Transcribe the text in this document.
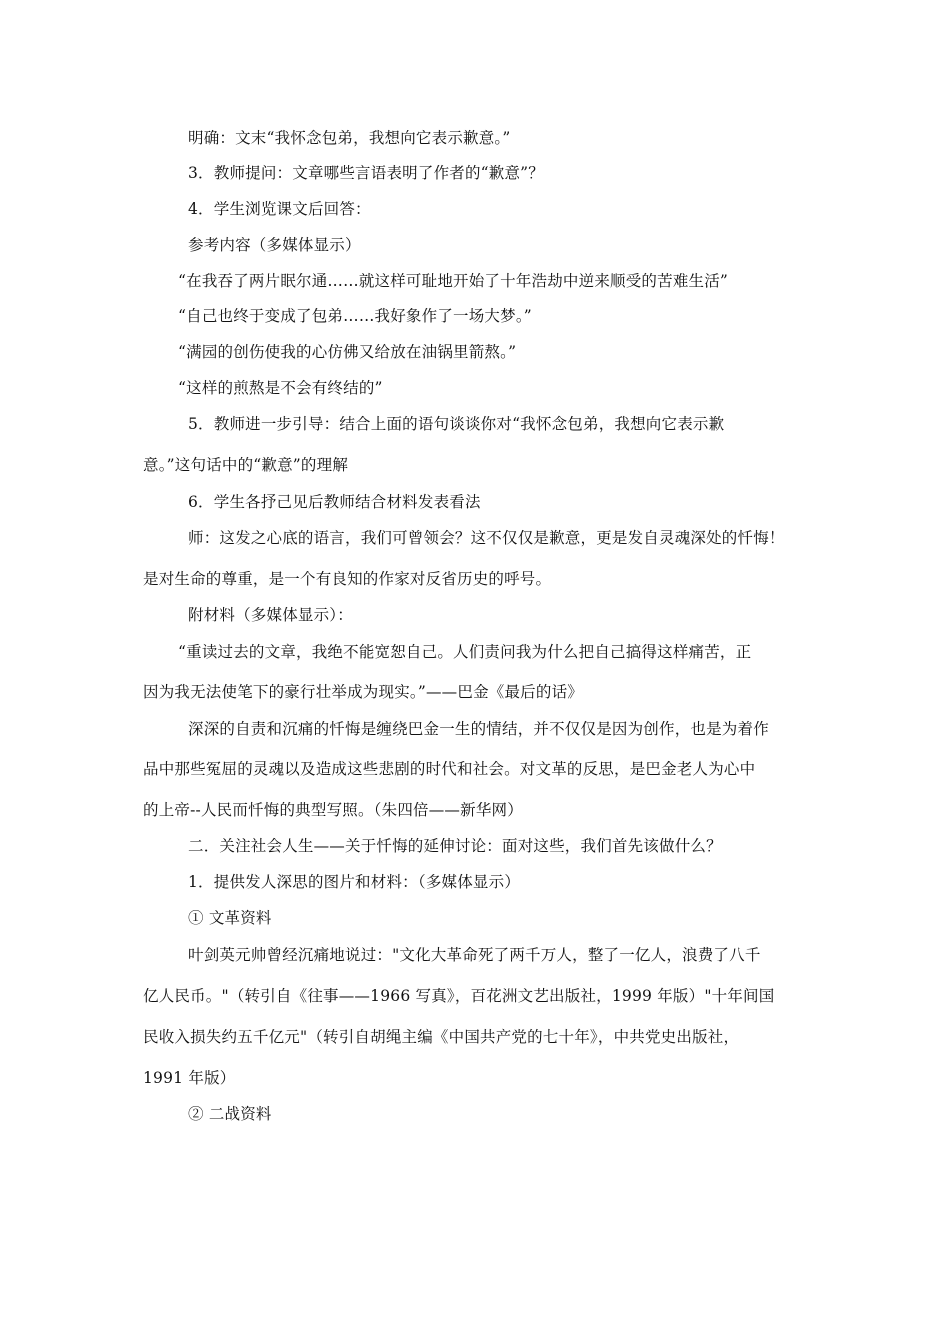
明确：文末“我怀念包弟，我想向它表示歉意。”
3．教师提问：文章哪些言语表明了作者的“歉意”？
4．学生浏览课文后回答：
参考内容（多媒体显示）
“在我吞了两片眠尔通……就这样可耻地开始了十年浩劫中逆来顺受的苦难生活”
“自己也终于变成了包弟……我好象作了一场大梦。”
“满园的创伤使我的心仿佛又给放在油锅里箭熬。”
“这样的煎熬是不会有终结的”
5．教师进一步引导：结合上面的语句谈谈你对“我怀念包弟，我想向它表示歉
意。”这句话中的“歉意”的理解
6．学生各抒己见后教师结合材料发表看法
师：这发之心底的语言，我们可曾领会？这不仅仅是歉意，更是发自灵魂深处的忏悔！
是对生命的尊重，是一个有良知的作家对反省历史的呼号。
附材料（多媒体显示）：
“重读过去的文章，我绝不能宽恕自己。人们责问我为什么把自己搞得这样痛苦，正
因为我无法使笔下的豪行壮举成为现实。”——巴金《最后的话》
深深的自责和沉痛的忏悔是缠绕巴金一生的情结，并不仅仅是因为创作，也是为着作
品中那些冤屈的灵魂以及造成这些悲剧的时代和社会。对文革的反思，是巴金老人为心中
的上帝--人民而忏悔的典型写照。（朱四倍——新华网）
二．关注社会人生——关于忏悔的延伸讨论：面对这些，我们首先该做什么？
1．提供发人深思的图片和材料：（多媒体显示）
① 文革资料
叶剑英元帅曾经沉痛地说过："文化大革命死了两千万人，整了一亿人，浪费了八千
亿人民币。"（转引自《往事——1966 写真》，百花洲文艺出版社，1999 年版）"十年间国
民收入损失约五千亿元"（转引自胡绳主编《中国共产党的七十年》，中共党史出版社，
1991 年版）
② 二战资料
